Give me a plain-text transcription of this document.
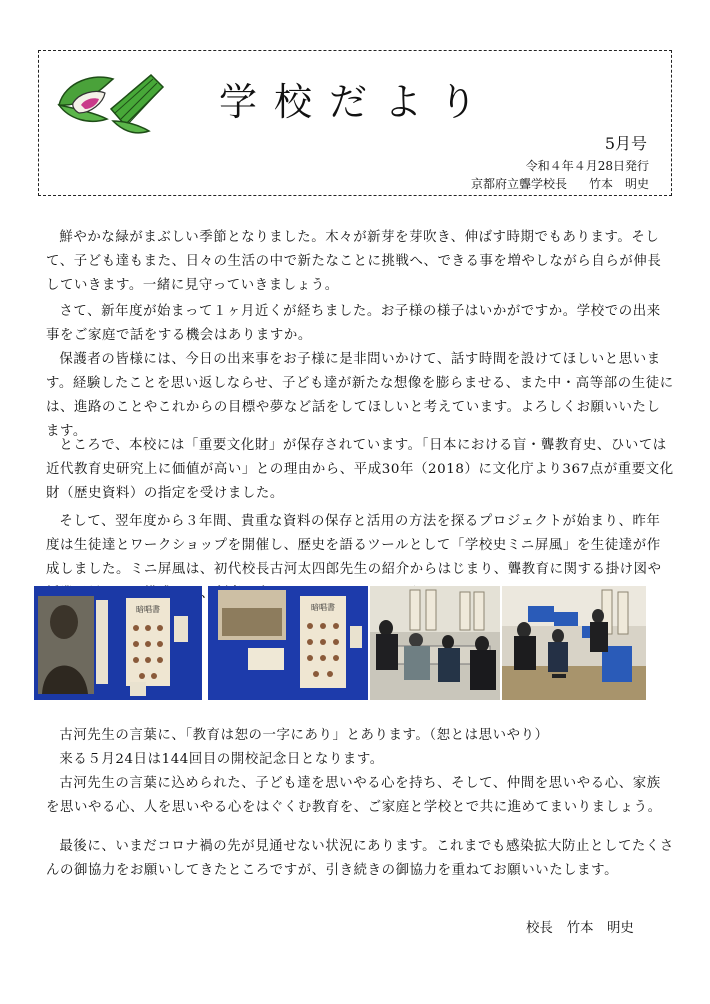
学校だより
5月号
令和４年４月28日発行
京都府立聾学校長 竹本　明史

鮮やかな緑がまぶしい季節となりました。木々が新芽を芽吹き、伸ばす時期でもあります。そして、子ども達もまた、日々の生活の中で新たなことに挑戦へ、できる事を増やしながら自らが伸長していきます。一緒に見守っていきましょう。

さて、新年度が始まって１ヶ月近くが経ちました。お子様の様子はいかがですか。学校での出来事をご家庭で話をする機会はありますか。

保護者の皆様には、今日の出来事をお子様に是非問いかけて、話す時間を設けてほしいと思います。経験したことを思い返しならせ、子ども達が新たな想像を膨らませる、また中・高等部の生徒には、進路のことやこれからの目標や夢など話をしてほしいと考えています。よろしくお願いいたします。

ところで、本校には「重要文化財」が保存されています。「日本における盲・聾教育史、ひいては近代教育史研究上に価値が高い」との理由から、平成30年（2018）に文化庁より367点が重要文化財（歴史資料）の指定を受けました。

そして、翌年度から３年間、貴重な資料の保存と活用の方法を探るプロジェクトが始まり、昨年度は生徒達とワークショップを開催し、歴史を語るツールとして「学校史ミニ屏風」を生徒達が作成しました。ミニ屏風は、初代校長古河太四郎先生の紹介からはじまり、聾教育に関する掛け図や 、

暗唱書	暗唱書

古河先生の言葉に、「教育は恕の一字にあり」とあります。（恕とは思いやり）

来る５月24日は144回目の開校記念日となります。

古河先生の言葉に込められた、子ども達を思いやる心を持ち、そして、仲間を思いやる心、家族を思いやる心、人を思いやる心をはぐくむ教育を、ご家庭と学校とで共に進めてまいりましょう。

最後に、いまだコロナ禍の先が見通せない状況にあります。これまでも感染拡大防止としてたくさんの御協力をお願いしてきたところですが、引き続きの御協力を重ねてお願いいたします。

校長 竹本　明史
